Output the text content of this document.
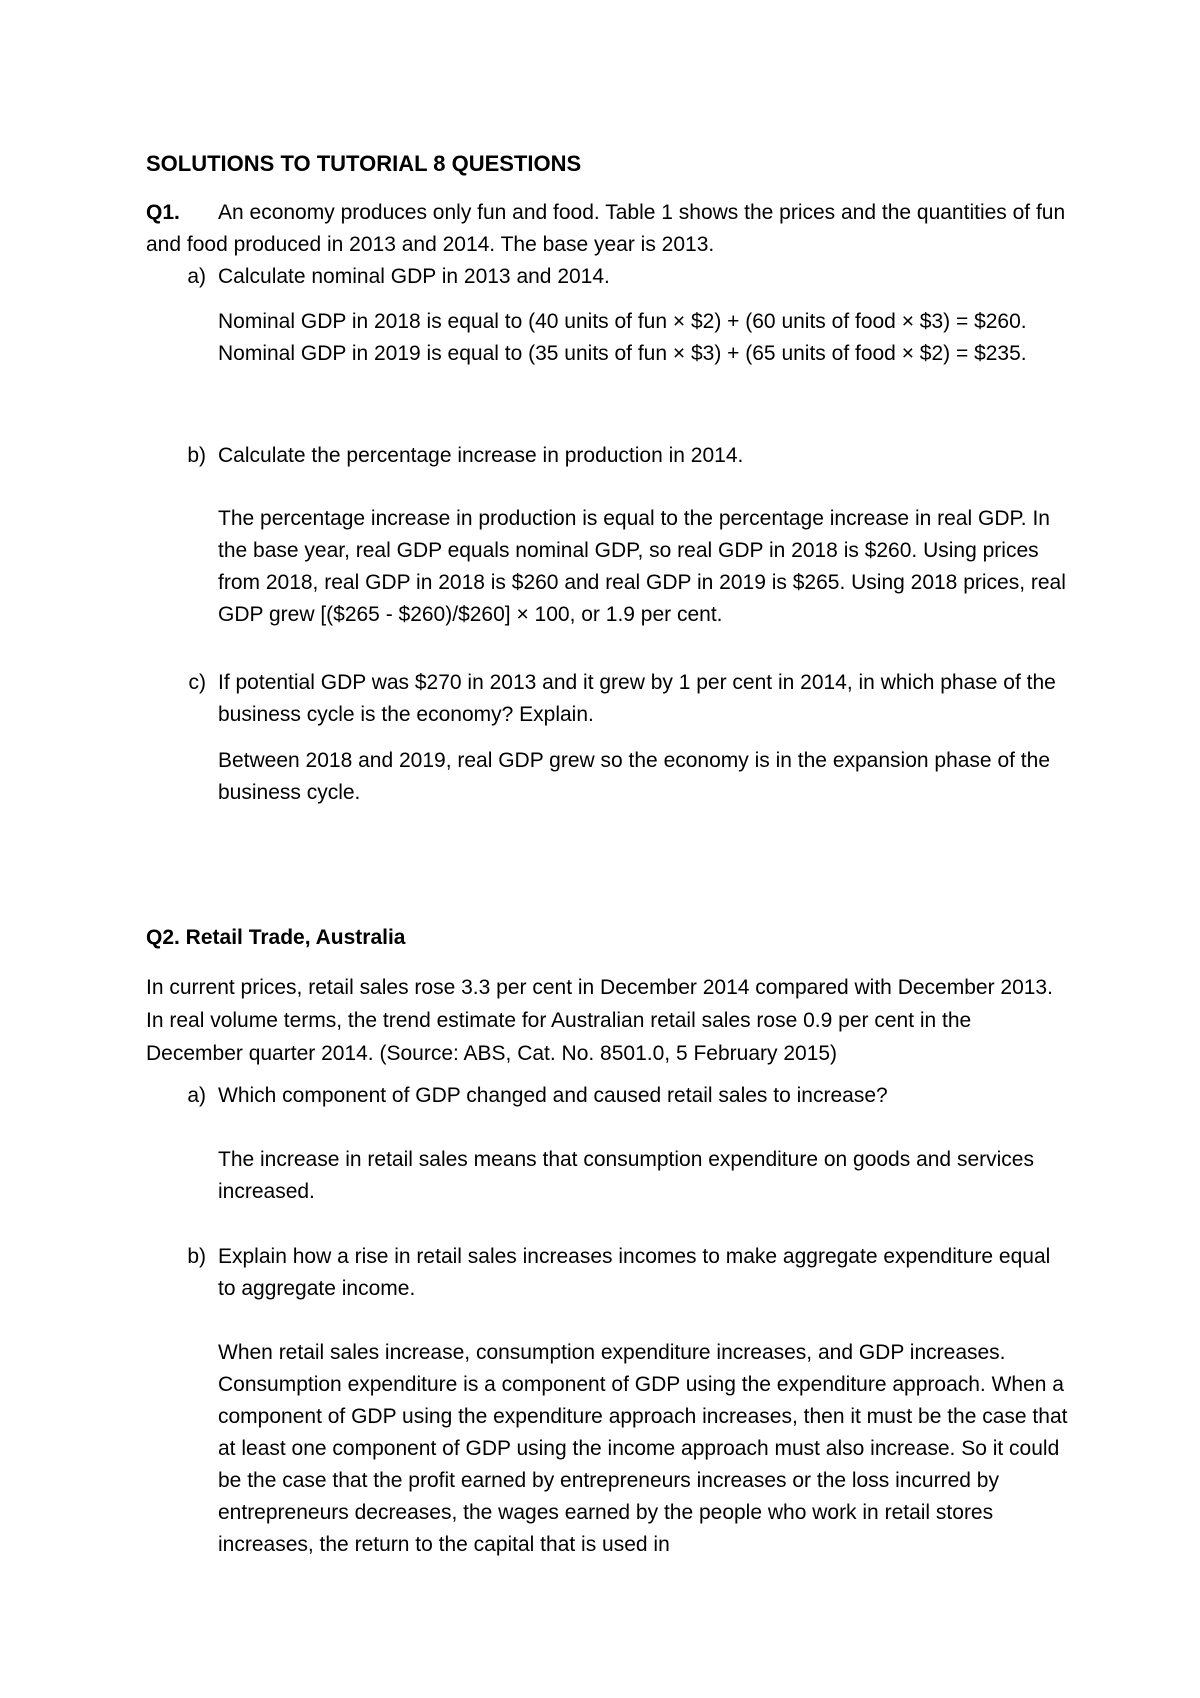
SOLUTIONS TO TUTORIAL 8 QUESTIONS

Q1. An economy produces only fun and food. Table 1 shows the prices and the quantities of fun and food produced in 2013 and 2014. The base year is 2013.

a) Calculate nominal GDP in 2013 and 2014.

Nominal GDP in 2018 is equal to (40 units of fun × $2) + (60 units of food × $3) = $260. Nominal GDP in 2019 is equal to (35 units of fun × $3) + (65 units of food × $2) = $235.

b) Calculate the percentage increase in production in 2014.

The percentage increase in production is equal to the percentage increase in real GDP. In the base year, real GDP equals nominal GDP, so real GDP in 2018 is $260. Using prices from 2018, real GDP in 2018 is $260 and real GDP in 2019 is $265. Using 2018 prices, real GDP grew [($265 - $260)/$260] × 100, or 1.9 per cent.

c) If potential GDP was $270 in 2013 and it grew by 1 per cent in 2014, in which phase of the business cycle is the economy? Explain.

Between 2018 and 2019, real GDP grew so the economy is in the expansion phase of the business cycle.

Q2. Retail Trade, Australia

In current prices, retail sales rose 3.3 per cent in December 2014 compared with December 2013. In real volume terms, the trend estimate for Australian retail sales rose 0.9 per cent in the December quarter 2014. (Source: ABS, Cat. No. 8501.0, 5 February 2015)

a) Which component of GDP changed and caused retail sales to increase?

The increase in retail sales means that consumption expenditure on goods and services increased.

b) Explain how a rise in retail sales increases incomes to make aggregate expenditure equal to aggregate income.

When retail sales increase, consumption expenditure increases, and GDP increases. Consumption expenditure is a component of GDP using the expenditure approach. When a component of GDP using the expenditure approach increases, then it must be the case that at least one component of GDP using the income approach must also increase. So it could be the case that the profit earned by entrepreneurs increases or the loss incurred by entrepreneurs decreases, the wages earned by the people who work in retail stores increases, the return to the capital that is used in
